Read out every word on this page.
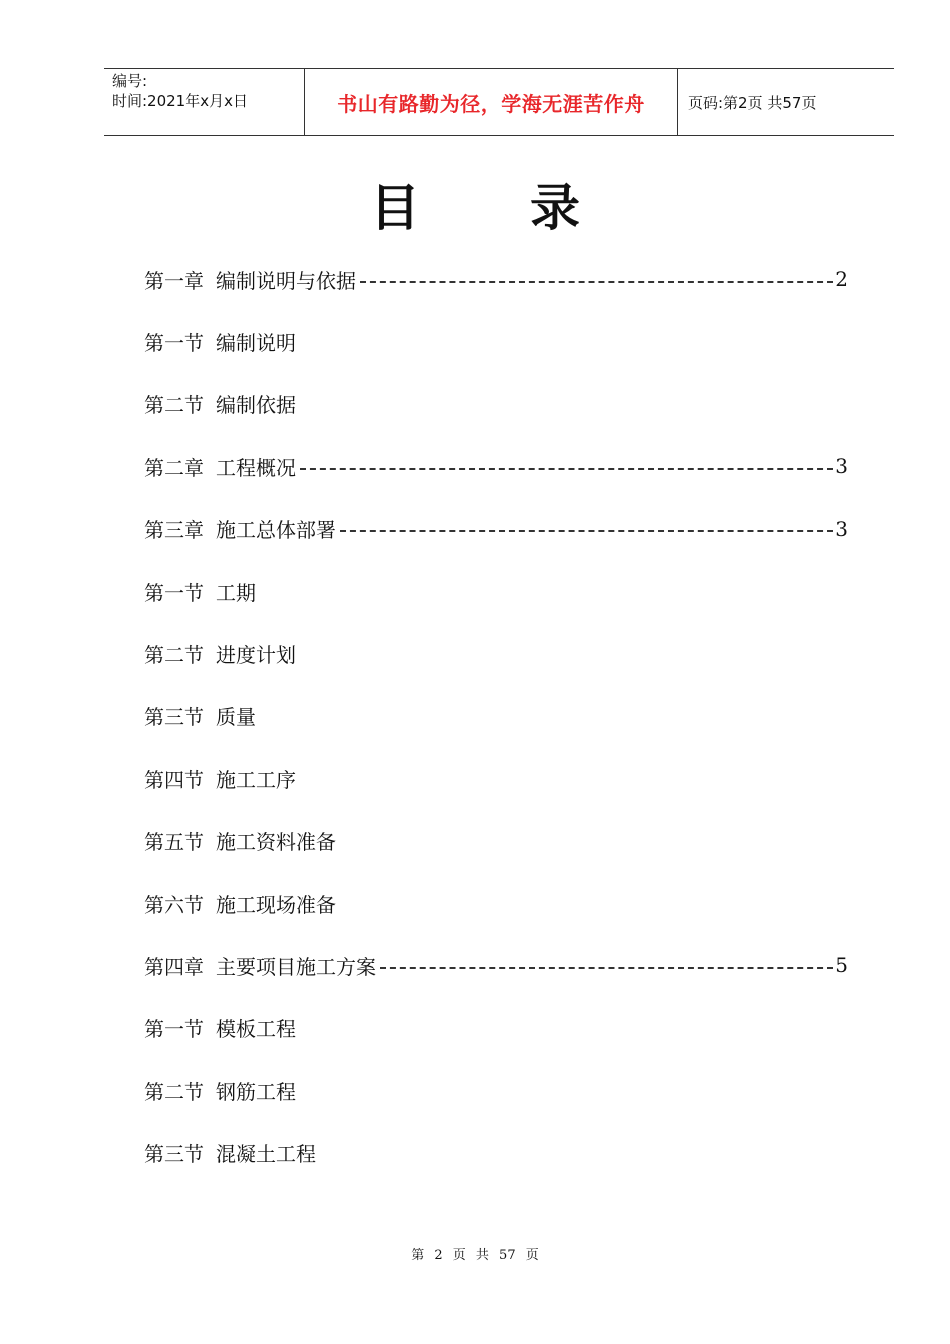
编号:
时间:2021年x月x日	书山有路勤为径，学海无涯苦作舟	页码:第2页 共57页
目录
第一章 编制说明与依据	2
第一节 编制说明
第二节 编制依据
第二章 工程概况	3
第三章 施工总体部署	3
第一节 工期
第二节 进度计划
第三节 质量
第四节 施工工序
第五节 施工资料准备
第六节 施工现场准备
第四章 主要项目施工方案	5
第一节 模板工程
第二节 钢筋工程
第三节 混凝土工程
第 2 页 共 57 页
